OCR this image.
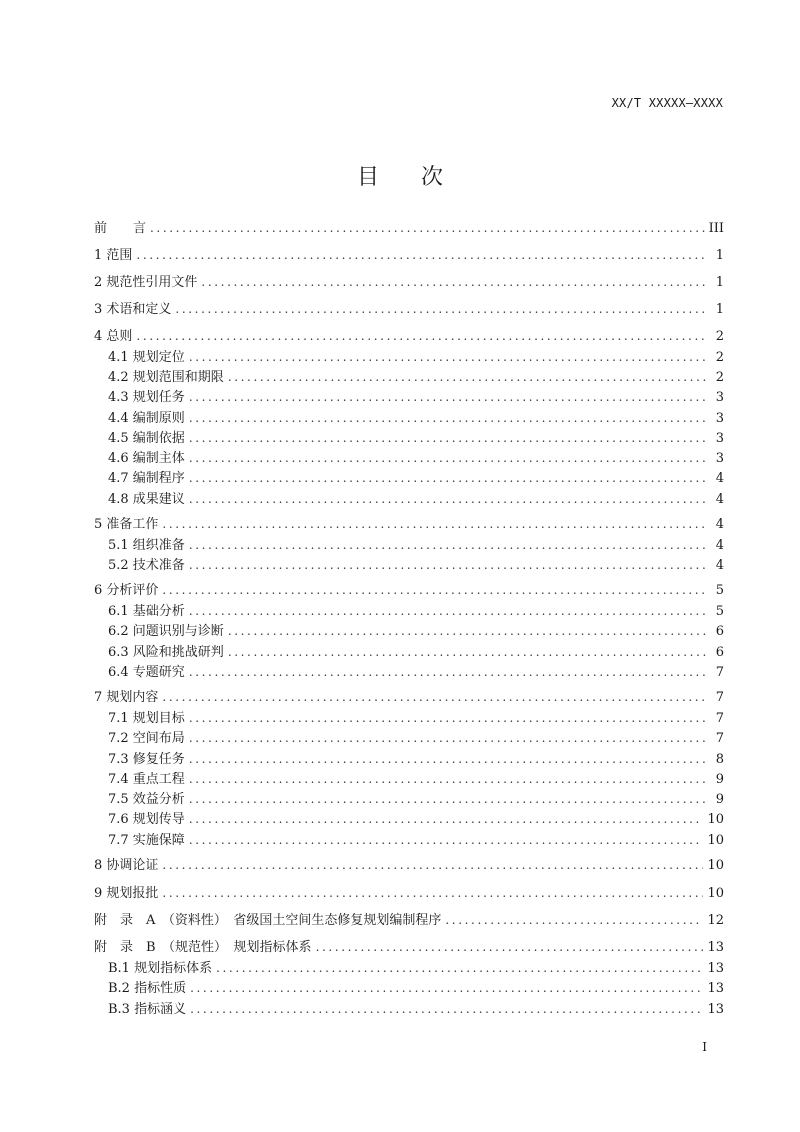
XX/T XXXXX—XXXX
目 次
前　　言 .....	III
1 范围 .....	1
2 规范性引用文件 .....	1
3 术语和定义 .....	1
4 总则 .....	2
4.1 规划定位 .....	2
4.2 规划范围和期限 .....	2
4.3 规划任务 .....	3
4.4 编制原则 .....	3
4.5 编制依据 .....	3
4.6 编制主体 .....	3
4.7 编制程序 .....	4
4.8 成果建议 .....	4
5 准备工作 .....	4
5.1 组织准备 .....	4
5.2 技术准备 .....	4
6 分析评价 .....	5
6.1 基础分析 .....	5
6.2 问题识别与诊断 .....	6
6.3 风险和挑战研判 .....	6
6.4 专题研究 .....	7
7 规划内容 .....	7
7.1 规划目标 .....	7
7.2 空间布局 .....	7
7.3 修复任务 .....	8
7.4 重点工程 .....	9
7.5 效益分析 .....	9
7.6 规划传导 .....	10
7.7 实施保障 .....	10
8 协调论证 .....	10
9 规划报批 .....	10
附　录　A　（资料性）　省级国土空间生态修复规划编制程序 .....	12
附　录　B　（规范性）　规划指标体系 .....	13
B.1 规划指标体系 .....	13
B.2 指标性质 .....	13
B.3 指标涵义 .....	13
I
